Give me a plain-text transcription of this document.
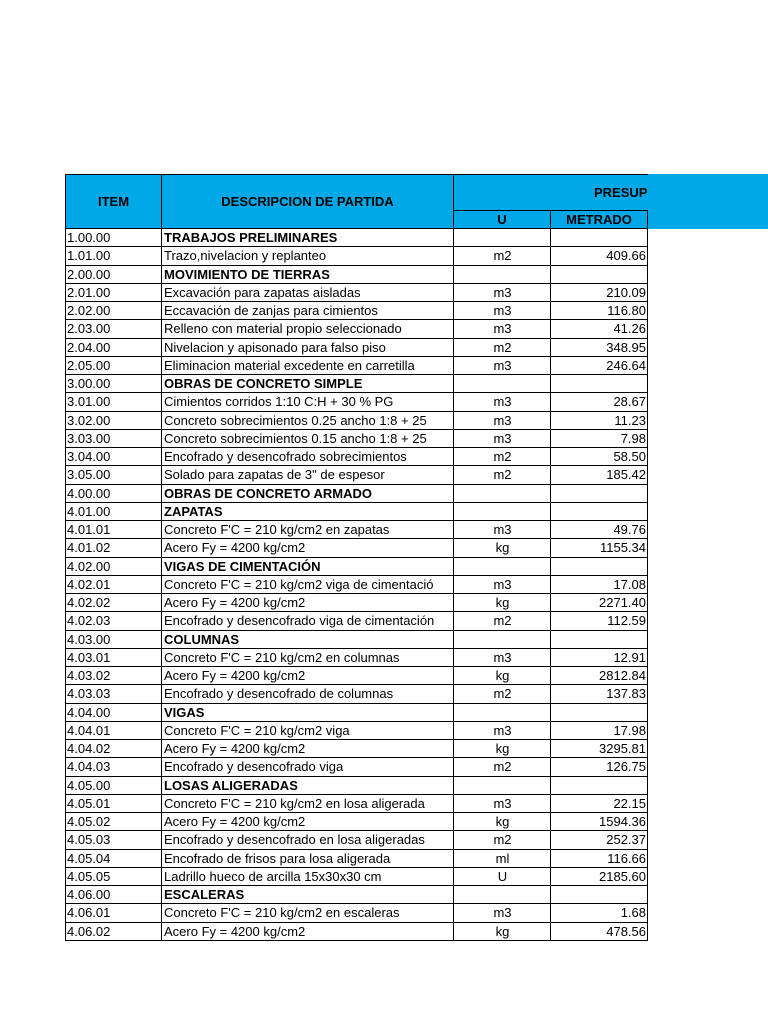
ITEM	DESCRIPCION DE PARTIDA
PRESUP
U	METRADO
1.00.00	TRABAJOS PRELIMINARES
1.01.00	Trazo,nivelacion y replanteo	m2	409.66
2.00.00	MOVIMIENTO DE TIERRAS
2.01.00	Excavación para zapatas aisladas	m3	210.09
2.02.00	Eccavación de zanjas para cimientos	m3	116.80
2.03.00	Relleno con material propio seleccionado	m3	41.26
2.04.00	Nivelacion y apisonado para falso piso	m2	348.95
2.05.00	Eliminacion material excedente en carretilla	m3	246.64
3.00.00	OBRAS DE CONCRETO SIMPLE
3.01.00	Cimientos corridos 1:10 C:H + 30 % PG	m3	28.67
3.02.00	Concreto sobrecimientos 0.25 ancho 1:8 + 25	m3	11.23
3.03.00	Concreto sobrecimientos 0.15 ancho 1:8 + 25	m3	7.98
3.04.00	Encofrado y desencofrado sobrecimientos	m2	58.50
3.05.00	Solado para zapatas de 3" de espesor	m2	185.42
4.00.00	OBRAS DE CONCRETO ARMADO
4.01.00	ZAPATAS
4.01.01	Concreto F'C = 210 kg/cm2 en zapatas	m3	49.76
4.01.02	Acero Fy = 4200 kg/cm2	kg	1155.34
4.02.00	VIGAS DE CIMENTACIÓN
4.02.01	Concreto F'C = 210 kg/cm2 viga de cimentació	m3	17.08
4.02.02	Acero Fy = 4200 kg/cm2	kg	2271.40
4.02.03	Encofrado y desencofrado viga de cimentación	m2	112.59
4.03.00	COLUMNAS
4.03.01	Concreto F'C = 210 kg/cm2 en columnas	m3	12.91
4.03.02	Acero Fy = 4200 kg/cm2	kg	2812.84
4.03.03	Encofrado y desencofrado de columnas	m2	137.83
4.04.00	VIGAS
4.04.01	Concreto F'C = 210 kg/cm2 viga	m3	17.98
4.04.02	Acero Fy = 4200 kg/cm2	kg	3295.81
4.04.03	Encofrado y desencofrado viga	m2	126.75
4.05.00	LOSAS ALIGERADAS
4.05.01	Concreto F'C = 210 kg/cm2 en losa aligerada	m3	22.15
4.05.02	Acero Fy = 4200 kg/cm2	kg	1594.36
4.05.03	Encofrado y desencofrado en losa aligeradas	m2	252.37
4.05.04	Encofrado de frisos para losa aligerada	ml	116.66
4.05.05	Ladrillo hueco de arcilla 15x30x30 cm	U	2185.60
4.06.00	ESCALERAS
4.06.01	Concreto F'C = 210 kg/cm2 en escaleras	m3	1.68
4.06.02	Acero Fy = 4200 kg/cm2	kg	478.56
